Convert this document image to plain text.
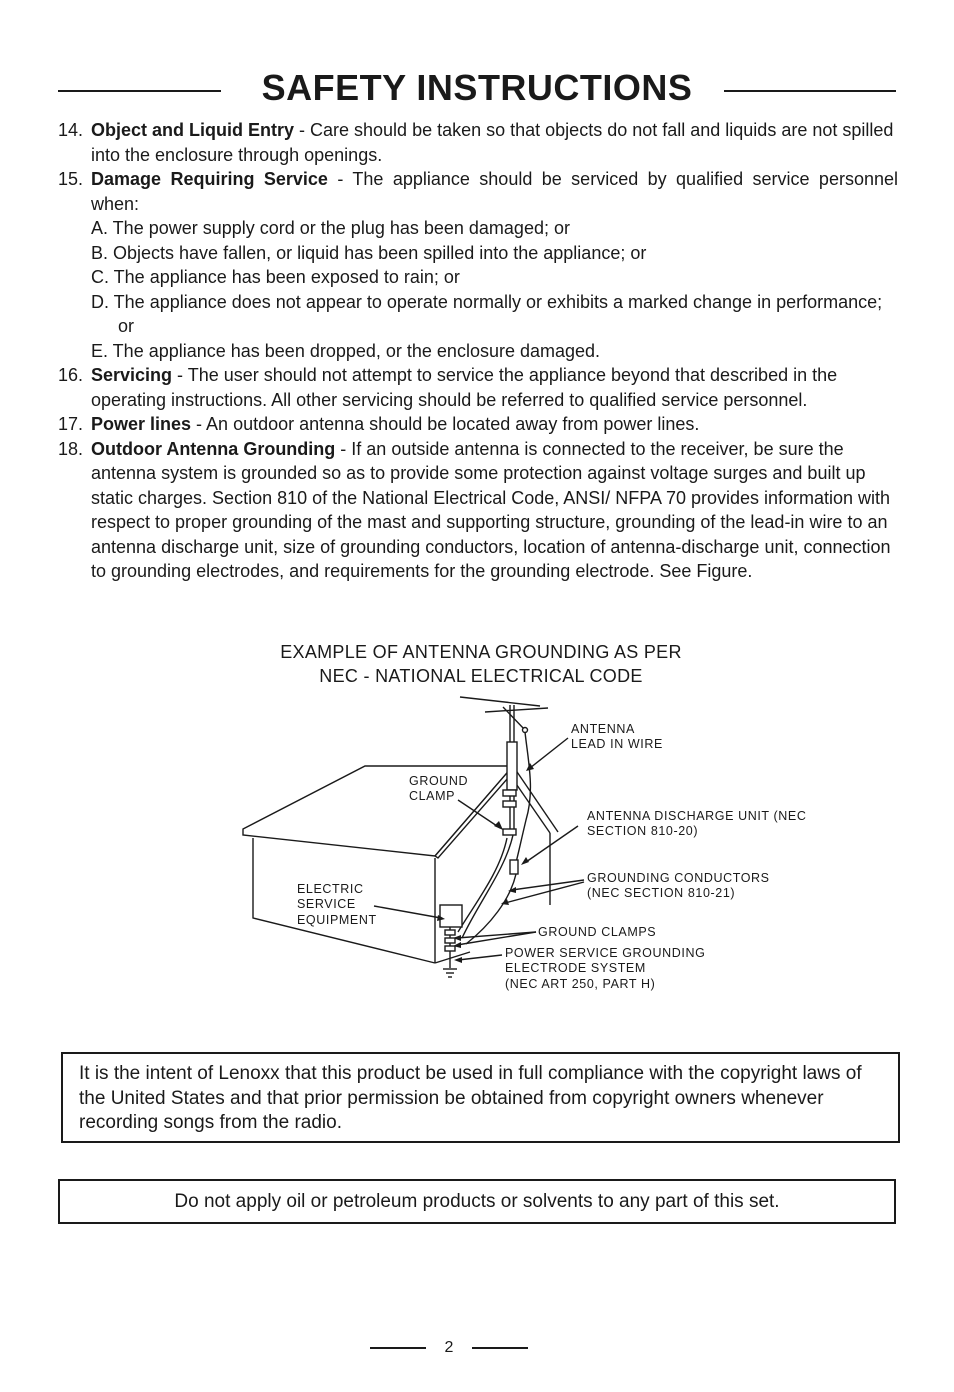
SAFETY INSTRUCTIONS
14. Object and Liquid Entry - Care should be taken so that objects do not fall and liquids are not spilled into the enclosure through openings.
15. Damage Requiring Service - The appliance should be serviced by qualified service personnel when:
A. The power supply cord or the plug has been damaged; or
B. Objects have fallen, or liquid has been spilled into the appliance; or
C. The appliance has been exposed to rain; or
D. The appliance does not appear to operate normally or exhibits a marked change in performance; or
E. The appliance has been dropped, or the enclosure damaged.
16. Servicing - The user should not attempt to service the appliance beyond that described in the operating instructions. All other servicing should be referred to qualified service personnel.
17. Power lines - An outdoor antenna should be located away from power lines.
18. Outdoor Antenna Grounding - If an outside antenna is connected to the receiver, be sure the antenna system is grounded so as to provide some protection against voltage surges and built up static charges. Section 810 of the National Electrical Code, ANSI/ NFPA 70 provides information with respect to proper grounding of the mast and supporting structure, grounding of the lead-in wire to an antenna discharge unit, size of grounding conductors, location of antenna-discharge unit, connection to grounding electrodes, and requirements for the grounding electrode. See Figure.
EXAMPLE OF ANTENNA GROUNDING AS PER
NEC - NATIONAL ELECTRICAL CODE
ANTENNA
LEAD IN WIRE
GROUND
CLAMP
ANTENNA DISCHARGE UNIT (NEC
SECTION 810-20)
GROUNDING CONDUCTORS
(NEC SECTION 810-21)
ELECTRIC
SERVICE
EQUIPMENT
GROUND CLAMPS
POWER SERVICE GROUNDING
ELECTRODE SYSTEM
(NEC ART 250, PART H)
It is the intent of Lenoxx that this product be used in full compliance with the copyright laws of the United States and that prior permission be obtained from copyright owners whenever recording songs from the radio.
Do not apply oil or petroleum products or solvents to any part of this set.
2
